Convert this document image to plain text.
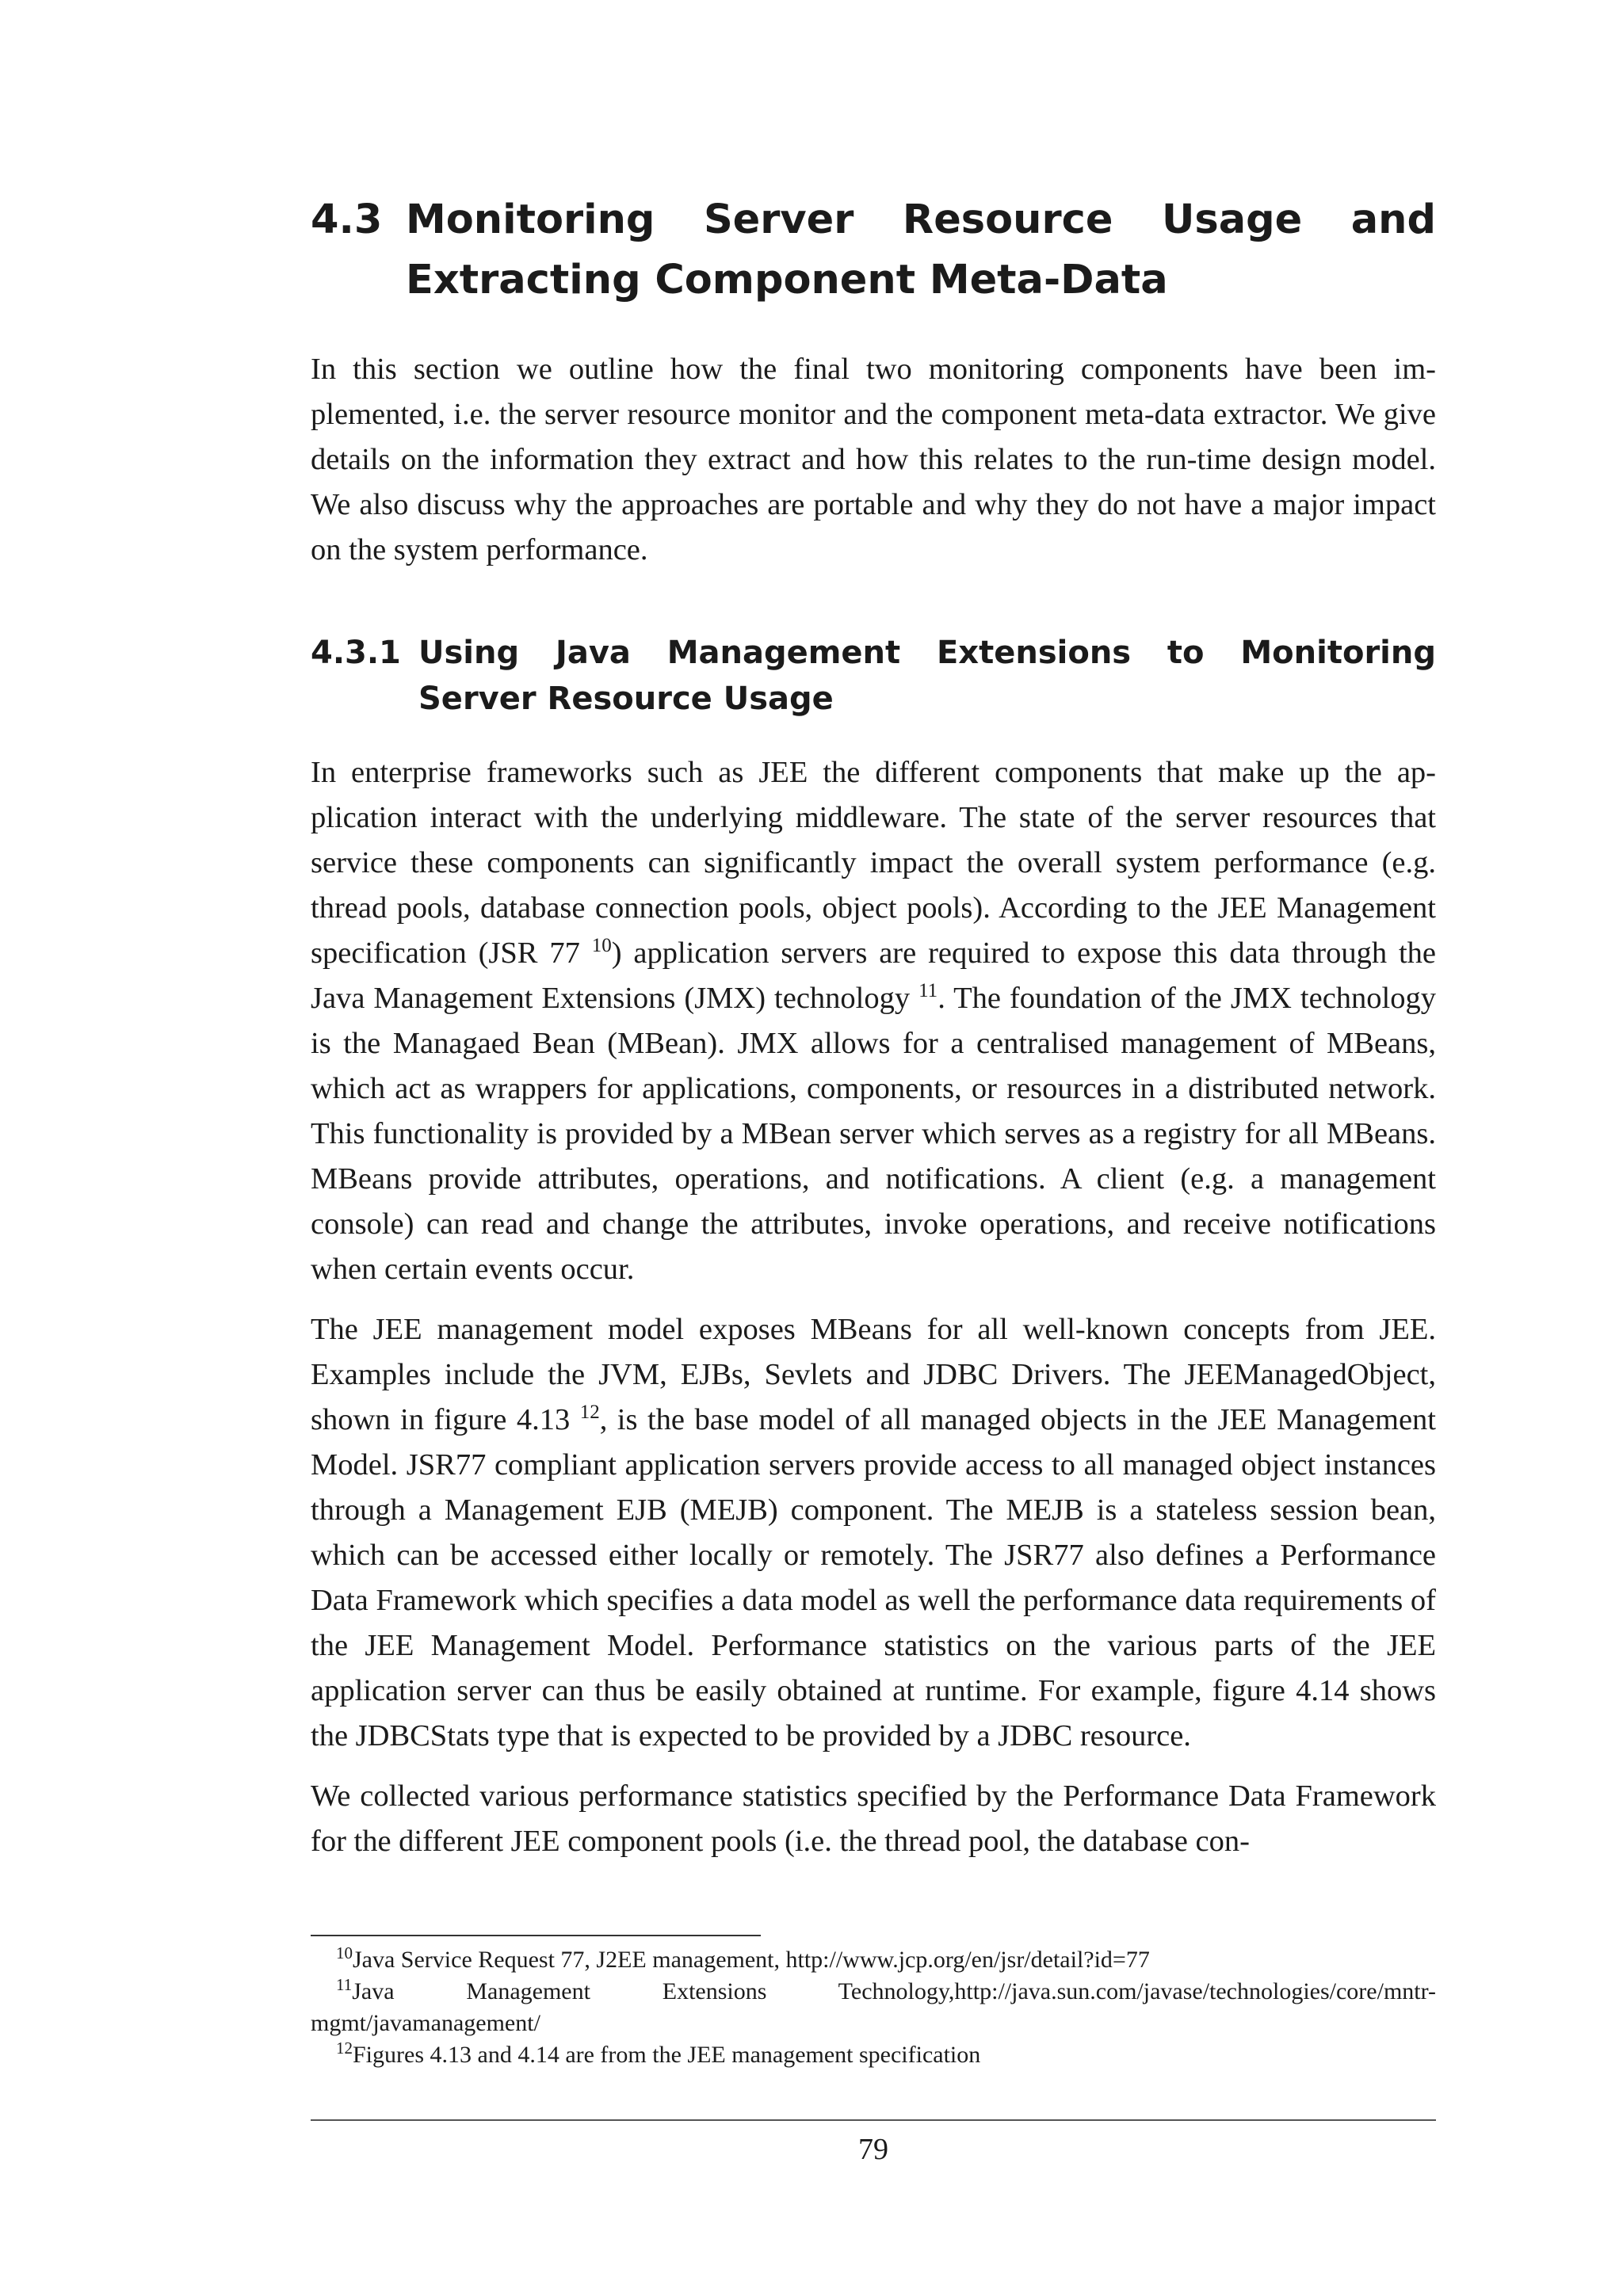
4.3 Monitoring Server Resource Usage and Extracting Component Meta-Data

In this section we outline how the final two monitoring components have been implemented, i.e. the server resource monitor and the component meta-data extractor. We give details on the information they extract and how this relates to the run-time design model. We also discuss why the approaches are portable and why they do not have a major impact on the system performance.

4.3.1 Using Java Management Extensions to Monitoring Server Resource Usage

In enterprise frameworks such as JEE the different components that make up the application interact with the underlying middleware. The state of the server resources that service these components can significantly impact the overall system performance (e.g. thread pools, database connection pools, object pools). According to the JEE Management specification (JSR 77 $^{10}$) application servers are required to expose this data through the Java Management Extensions (JMX) technology $^{11}$. The foundation of the JMX technology is the Managaed Bean (MBean). JMX allows for a centralised management of MBeans, which act as wrappers for applications, components, or resources in a distributed network. This functionality is provided by a MBean server which serves as a registry for all MBeans. MBeans provide attributes, operations, and notifications. A client (e.g. a management console) can read and change the attributes, invoke operations, and receive notifications when certain events occur.

The JEE management model exposes MBeans for all well-known concepts from JEE. Examples include the JVM, EJBs, Sevlets and JDBC Drivers. The JEEManagedObject, shown in figure 4.13 $^{12}$, is the base model of all managed objects in the JEE Management Model. JSR77 compliant application servers provide access to all managed object instances through a Management EJB (MEJB) component. The MEJB is a stateless session bean, which can be accessed either locally or remotely. The JSR77 also defines a Performance Data Framework which specifies a data model as well the performance data requirements of the JEE Management Model. Performance statistics on the various parts of the JEE application server can thus be easily obtained at runtime. For example, figure 4.14 shows the JDBCStats type that is expected to be provided by a JDBC resource.

We collected various performance statistics specified by the Performance Data Framework for the different JEE component pools (i.e. the thread pool, the database con-

$^{10}$Java Service Request 77, J2EE management, http://www.jcp.org/en/jsr/detail?id=77
$^{11}$Java Management Extensions Technology,http://java.sun.com/javase/technologies/core/mntr-mgmt/javamanagement/
$^{12}$Figures 4.13 and 4.14 are from the JEE management specification
79
